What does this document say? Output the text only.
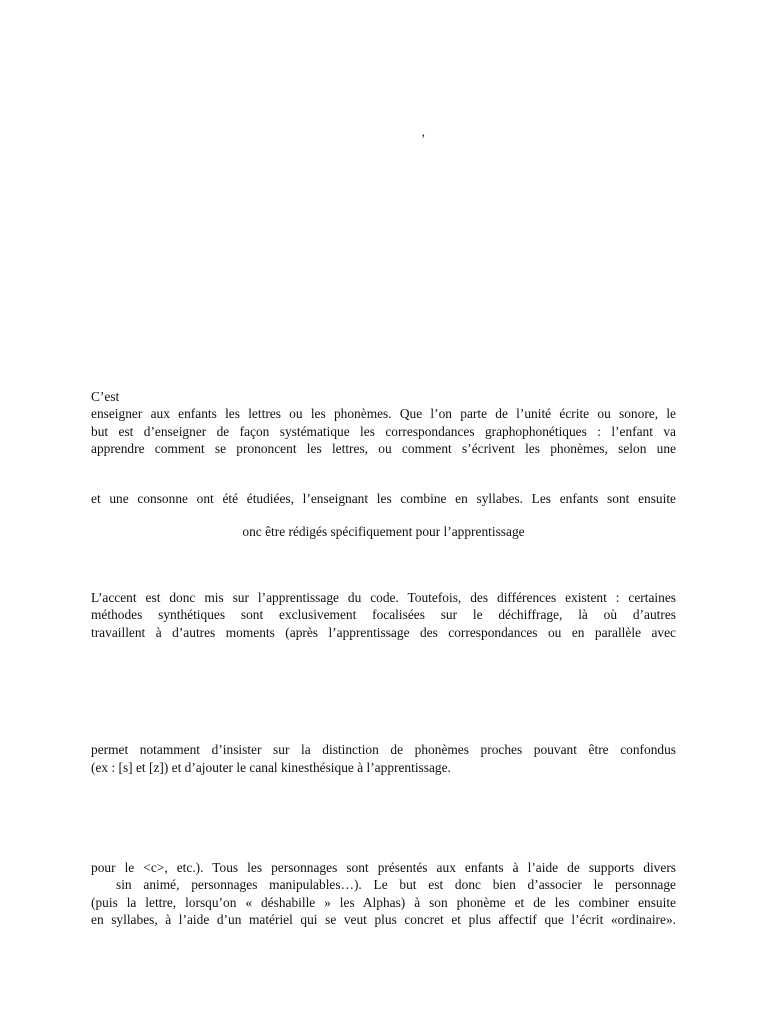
’
C’est
enseigner aux enfants les lettres ou les phonèmes. Que l’on parte de l’unité écrite ou sonore, le
but est d’enseigner de façon systématique les correspondances graphophonétiques : l’enfant va
apprendre comment se prononcent les lettres, ou comment s’écrivent les phonèmes, selon une
et une consonne ont été étudiées, l’enseignant les combine en syllabes. Les enfants sont ensuite
onc être rédigés spécifiquement pour l’apprentissage
L’accent est donc mis sur l’apprentissage du code. Toutefois, des différences existent : certaines
méthodes synthétiques sont exclusivement focalisées sur le déchiffrage, là où d’autres
travaillent à d’autres moments (après l’apprentissage des correspondances ou en parallèle avec
permet notamment d’insister sur la distinction de phonèmes proches pouvant être confondus
(ex : [s] et [z]) et d’ajouter le canal kinesthésique à l’apprentissage.
pour le <c>, etc.). Tous les personnages sont présentés aux enfants à l’aide de supports divers
sin animé, personnages manipulables…). Le but est donc bien d’associer le personnage
(puis la lettre, lorsqu’on « déshabille » les Alphas) à son phonème et de les combiner ensuite
en syllabes, à l’aide d’un matériel qui se veut plus concret et plus affectif que l’écrit «ordinaire».
